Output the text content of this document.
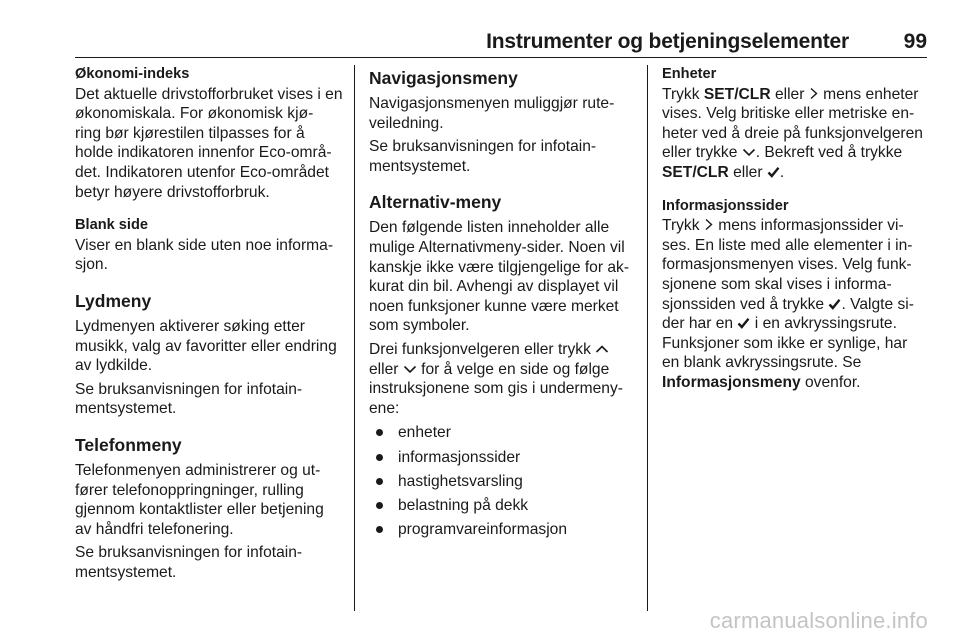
Instrumenter og betjeningselementer	99
Økonomi-indeks

Det aktuelle drivstofforbruket vises i en økonomiskala. For økonomisk kjø- ring bør kjørestilen tilpasses for å holde indikatoren innenfor Eco-områ- det. Indikatoren utenfor Eco-området betyr høyere drivstofforbruk.

Blank side

Viser en blank side uten noe informa- sjon.

Lydmeny

Lydmenyen aktiverer søking etter musikk, valg av favoritter eller endring av lydkilde.

Se bruksanvisningen for infotain- mentsystemet.

Telefonmeny

Telefonmenyen administrerer og ut- fører telefonoppringninger, rulling gjennom kontaktlister eller betjening av håndfri telefonering.

Se bruksanvisningen for infotain- mentsystemet.

Navigasjonsmeny

Navigasjonsmenyen muliggjør rute- veiledning.

Se bruksanvisningen for infotain- mentsystemet.

Alternativ-meny

Den følgende listen inneholder alle mulige Alternativmeny-sider. Noen vil kanskje ikke være tilgjengelige for ak- kurat din bil. Avhengi av displayet vil noen funksjoner kunne være merket som symboler.

Drei funksjonvelgeren eller trykk
eller for å velge en side og følge instruksjonene som gis i undermeny- ene:

enheter
informasjonssider
hastighetsvarsling
belastning på dekk
programvareinformasjon
Enheter

Trykk SET/CLR eller mens enheter vises. Velg britiske eller metriske en- heter ved å dreie på funksjonvelgeren eller trykke . Bekreft ved å trykke SET/CLR eller .

Informasjonssider

Trykk mens informasjonssider vi- ses. En liste med alle elementer i in- formasjonsmenyen vises. Velg funk- sjonene som skal vises i informa- sjonssiden ved å trykke . Valgte si- der har en i en avkryssingsrute. Funksjoner som ikke er synlige, har en blank avkryssingsrute. Se Informasjonsmeny ovenfor.

carmanualsonline.info
